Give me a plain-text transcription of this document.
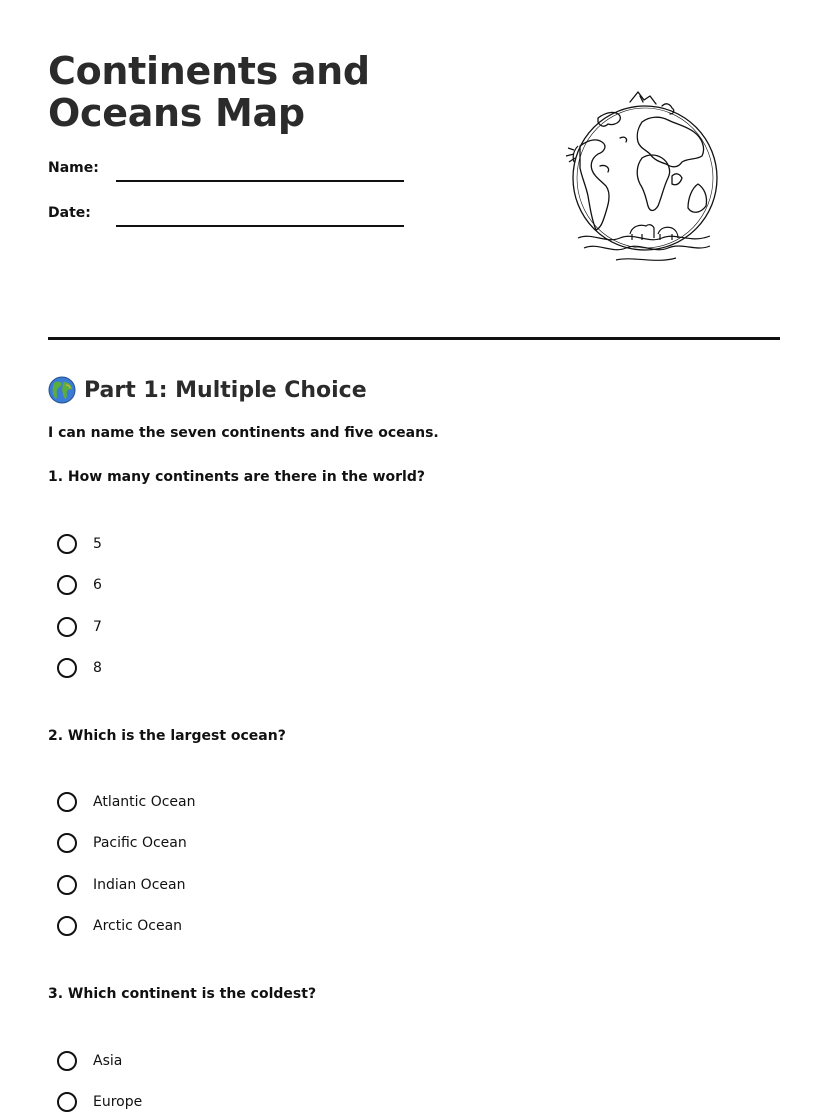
Continents and Oceans Map
Name:
Date:
Part 1: Multiple Choice
I can name the seven continents and five oceans.
1. How many continents are there in the world?
5
6
7
8
2. Which is the largest ocean?
Atlantic Ocean
Pacific Ocean
Indian Ocean
Arctic Ocean
3. Which continent is the coldest?
Asia
Europe
